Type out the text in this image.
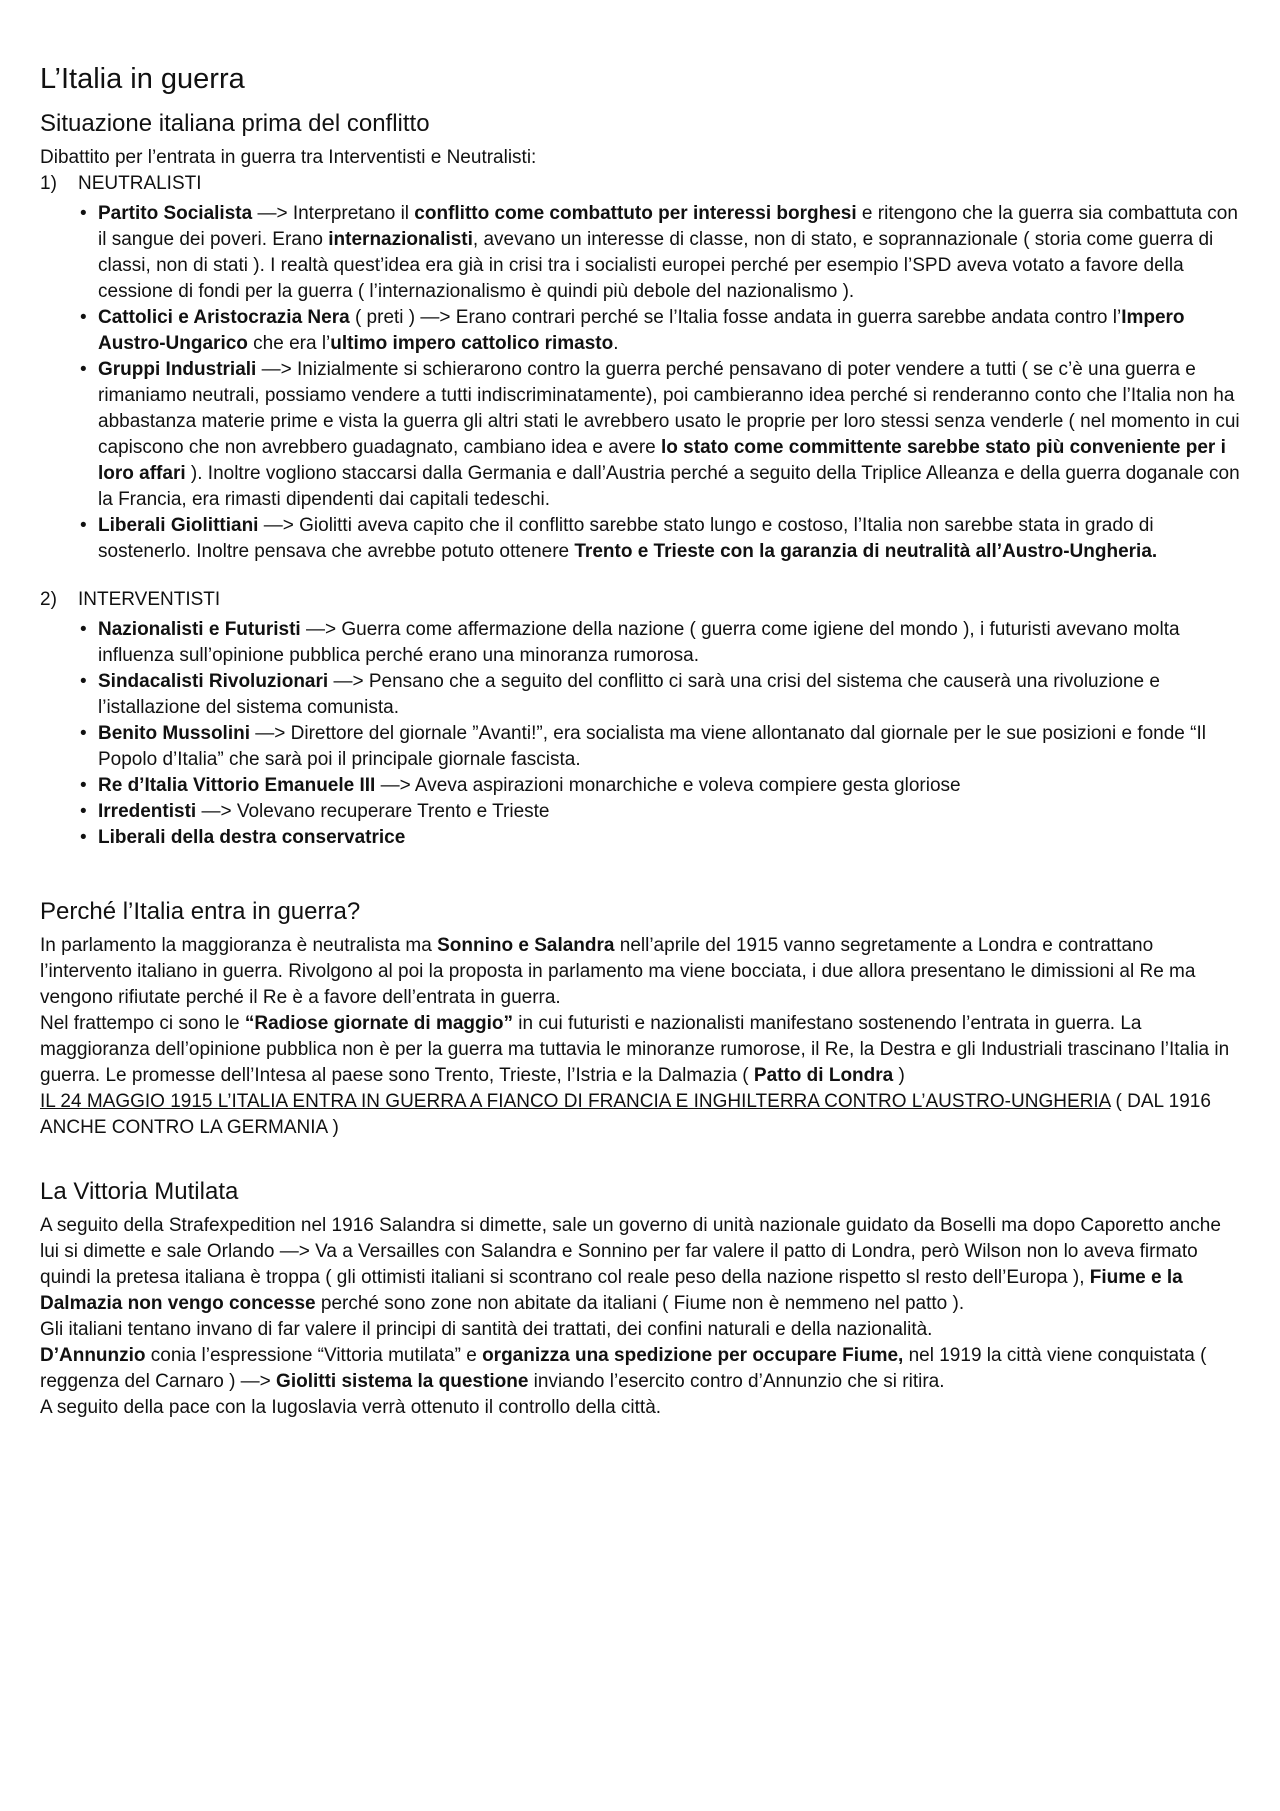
L’Italia in guerra
Situazione italiana prima del conflitto

Dibattito per l’entrata in guerra tra Interventisti e Neutralisti:

1)	NEUTRALISTI
• Partito Socialista —> Interpretano il conflitto come combattuto per interessi borghesi e ritengono che la guerra sia combattuta con il sangue dei poveri. Erano internazionalisti, avevano un interesse di classe, non di stato, e soprannazionale ( storia come guerra di classi, non di stati ). I realtà quest’idea era già in crisi tra i socialisti europei perché per esempio l’SPD aveva votato a favore della cessione di fondi per la guerra ( l’internazionalismo è quindi più debole del nazionalismo ).
• Cattolici e Aristocrazia Nera ( preti ) —> Erano contrari perché se l’Italia fosse andata in guerra sarebbe andata contro l’Impero Austro-Ungarico che era l’ultimo impero cattolico rimasto.
• Gruppi Industriali —> Inizialmente si schierarono contro la guerra perché pensavano di poter vendere a tutti ( se c’è una guerra e rimaniamo neutrali, possiamo vendere a tutti indiscriminatamente), poi cambieranno idea perché si renderanno conto che l’Italia non ha abbastanza materie prime e vista la guerra gli altri stati le avrebbero usato le proprie per loro stessi senza venderle ( nel momento in cui capiscono che non avrebbero guadagnato, cambiano idea e avere lo stato come committente sarebbe stato più conveniente per i loro affari ). Inoltre vogliono staccarsi dalla Germania e dall’Austria perché a seguito della Triplice Alleanza e della guerra doganale con la Francia, era rimasti dipendenti dai capitali tedeschi.
• Liberali Giolittiani —> Giolitti aveva capito che il conflitto sarebbe stato lungo e costoso, l’Italia non sarebbe stata in grado di sostenerlo. Inoltre pensava che avrebbe potuto ottenere Trento e Trieste con la garanzia di neutralità all’Austro-Ungheria.
2)	INTERVENTISTI
• Nazionalisti e Futuristi —> Guerra come affermazione della nazione ( guerra come igiene del mondo ), i futuristi avevano molta influenza sull’opinione pubblica perché erano una minoranza rumorosa.
• Sindacalisti Rivoluzionari —> Pensano che a seguito del conflitto ci sarà una crisi del sistema che causerà una rivoluzione e l’istallazione del sistema comunista.
• Benito Mussolini —> Direttore del giornale ”Avanti!”, era socialista ma viene allontanato dal giornale per le sue posizioni e fonde “Il Popolo d’Italia” che sarà poi il principale giornale fascista.
• Re d’Italia Vittorio Emanuele III —> Aveva aspirazioni monarchiche e voleva compiere gesta gloriose
• Irredentisti —> Volevano recuperare Trento e Trieste
• Liberali della destra conservatrice
Perché l’Italia entra in guerra?

In parlamento la maggioranza è neutralista ma Sonnino e Salandra nell’aprile del 1915 vanno segretamente a Londra e contrattano l’intervento italiano in guerra. Rivolgono al poi la proposta in parlamento ma viene bocciata, i due allora presentano le dimissioni al Re ma vengono rifiutate perché il Re è a favore dell’entrata in guerra.

Nel frattempo ci sono le “Radiose giornate di maggio” in cui futuristi e nazionalisti manifestano sostenendo l’entrata in guerra. La maggioranza dell’opinione pubblica non è per la guerra ma tuttavia le minoranze rumorose, il Re, la Destra e gli Industriali trascinano l’Italia in guerra. Le promesse dell’Intesa al paese sono Trento, Trieste, l’Istria e la Dalmazia ( Patto di Londra )

IL 24 MAGGIO 1915 L’ITALIA ENTRA IN GUERRA A FIANCO DI FRANCIA E INGHILTERRA CONTRO L’AUSTRO-UNGHERIA ( DAL 1916 ANCHE CONTRO LA GERMANIA )

La Vittoria Mutilata

A seguito della Strafexpedition nel 1916 Salandra si dimette, sale un governo di unità nazionale guidato da Boselli ma dopo Caporetto anche lui si dimette e sale Orlando —> Va a Versailles con Salandra e Sonnino per far valere il patto di Londra, però Wilson non lo aveva firmato quindi la pretesa italiana è troppa ( gli ottimisti italiani si scontrano col reale peso della nazione rispetto sl resto dell’Europa ), Fiume e la Dalmazia non vengo concesse perché sono zone non abitate da italiani ( Fiume non è nemmeno nel patto ).

Gli italiani tentano invano di far valere il principi di santità dei trattati, dei confini naturali e della nazionalità.

D’Annunzio conia l’espressione “Vittoria mutilata” e organizza una spedizione per occupare Fiume, nel 1919 la città viene conquistata ( reggenza del Carnaro ) —> Giolitti sistema la questione inviando l’esercito contro d’Annunzio che si ritira.

A seguito della pace con la Iugoslavia verrà ottenuto il controllo della città.
